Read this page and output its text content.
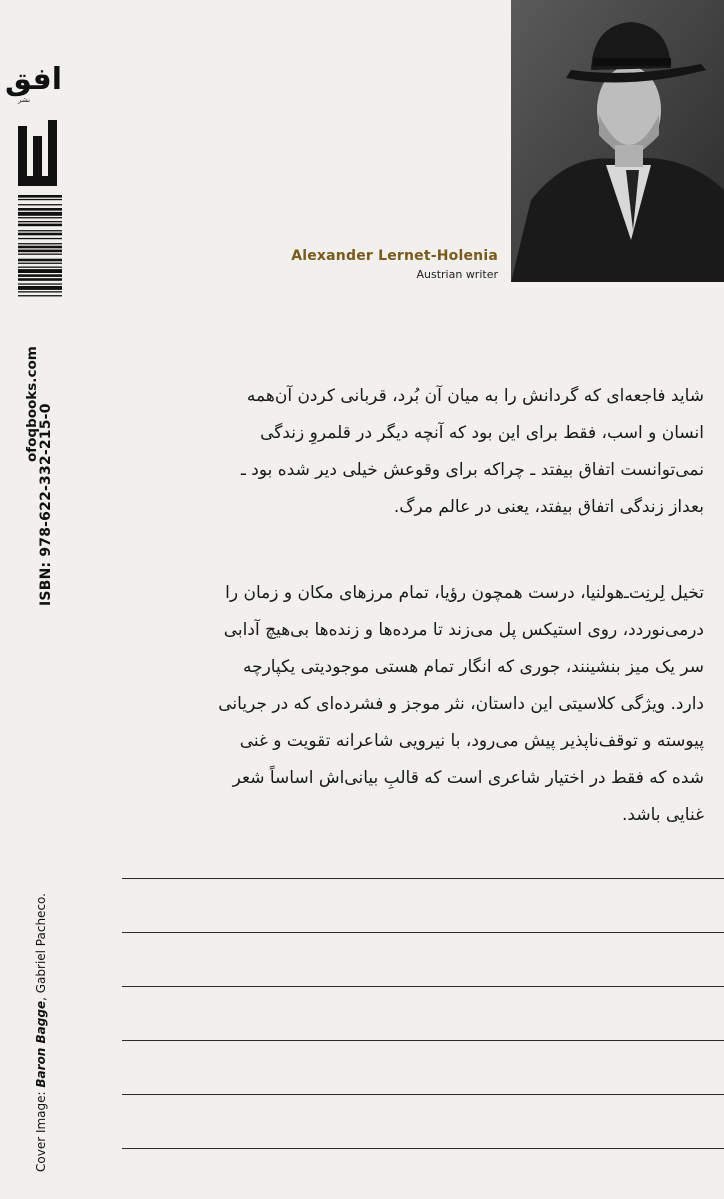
افق
نشر
ofoqbooks.com
ISBN: 978-622-332-215-0
Cover Image: Baron Bagge, Gabriel Pacheco.
Alexander Lernet-Holenia
Austrian writer
شاید فاجعه‌ای که گردانش را به میان آن بُرد، قربانی کردن آن‌همه
انسان و اسب، فقط برای این بود که آنچه دیگر در قلمروِ زندگی
نمی‌توانست اتفاق بیفتد ـ چراکه برای وقوعش خیلی دیر شده بود ـ
بعداز زندگی اتفاق بیفتد، یعنی در عالم مرگ.
تخیل لِرنِت‌ـ‌هولنیا، درست همچون رؤیا، تمام مرزهای مکان و زمان را
درمی‌نوردد، روی استیکس پل می‌زند تا مرده‌ها و زنده‌ها بی‌هیچ آدابی
سر یک میز بنشینند، جوری که انگار تمام هستی موجودیتی یکپارچه
دارد. ویژگی کلاسیتی این داستان، نثر موجز و فشرده‌ای که در جریانی
پیوسته و توقف‌ناپذیر پیش می‌رود، با نیرویی شاعرانه تقویت و غنی
شده که فقط در اختیار شاعری است که قالبِ بیانی‌اش اساساً شعر
غنایی باشد.
